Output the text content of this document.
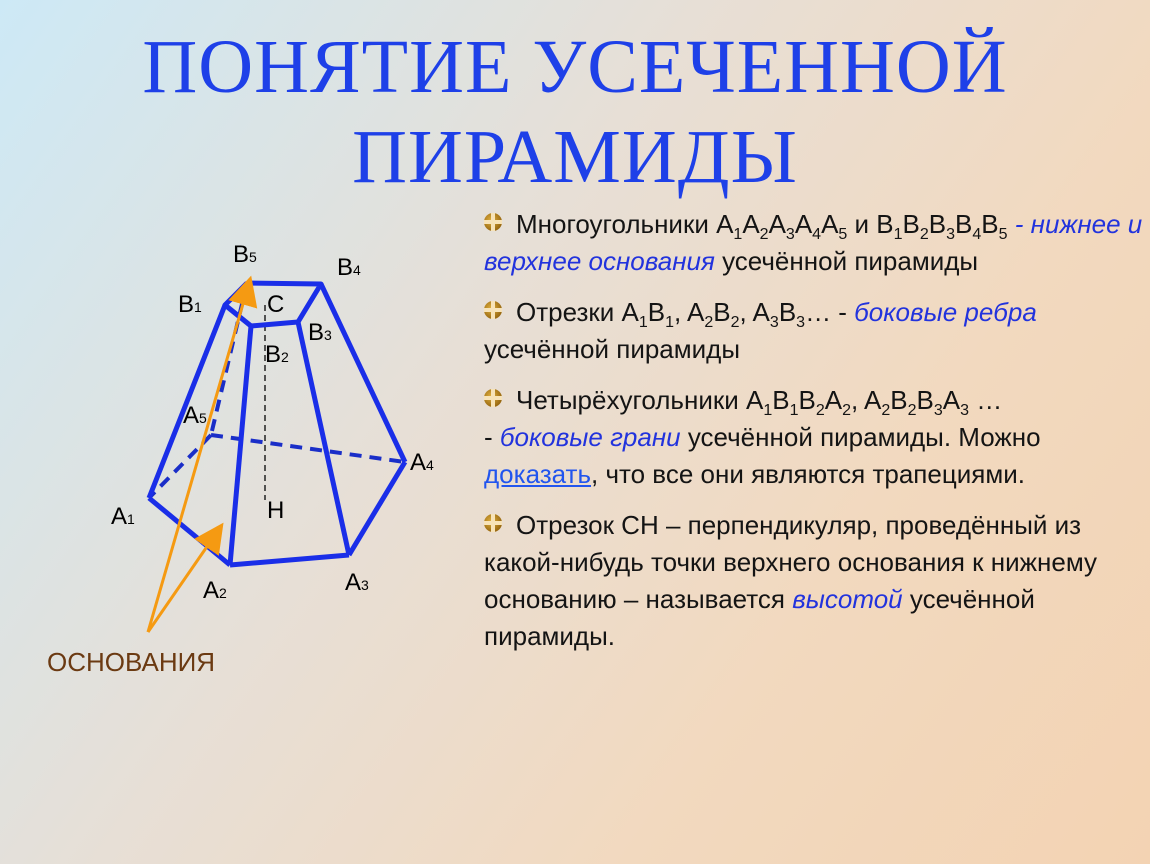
ПОНЯТИЕ УСЕЧЕННОЙ
ПИРАМИДЫ
B5	B4
B1	C
B3
B2
A5
A4
A1	H
A2	A3
ОСНОВАНИЯ
Многоугольники $A_1A_2A_3A_4A_5$ и $B_1B_2B_3B_4B_5$ - нижнее и верхнее основания усечённой пирамиды
Отрезки $A_1B_1$, $A_2B_2$, $A_3B_3\dots$ - боковые ребра усечённой пирамиды
Четырёхугольники $A_1B_1B_2A_2$, $A_2B_2B_3A_3$ …
- боковые грани усечённой пирамиды. Можно доказать, что все они являются трапециями.
Отрезок CH – перпендикуляр, проведённый из какой-нибудь точки верхнего основания к нижнему основанию – называется высотой усечённой пирамиды.
